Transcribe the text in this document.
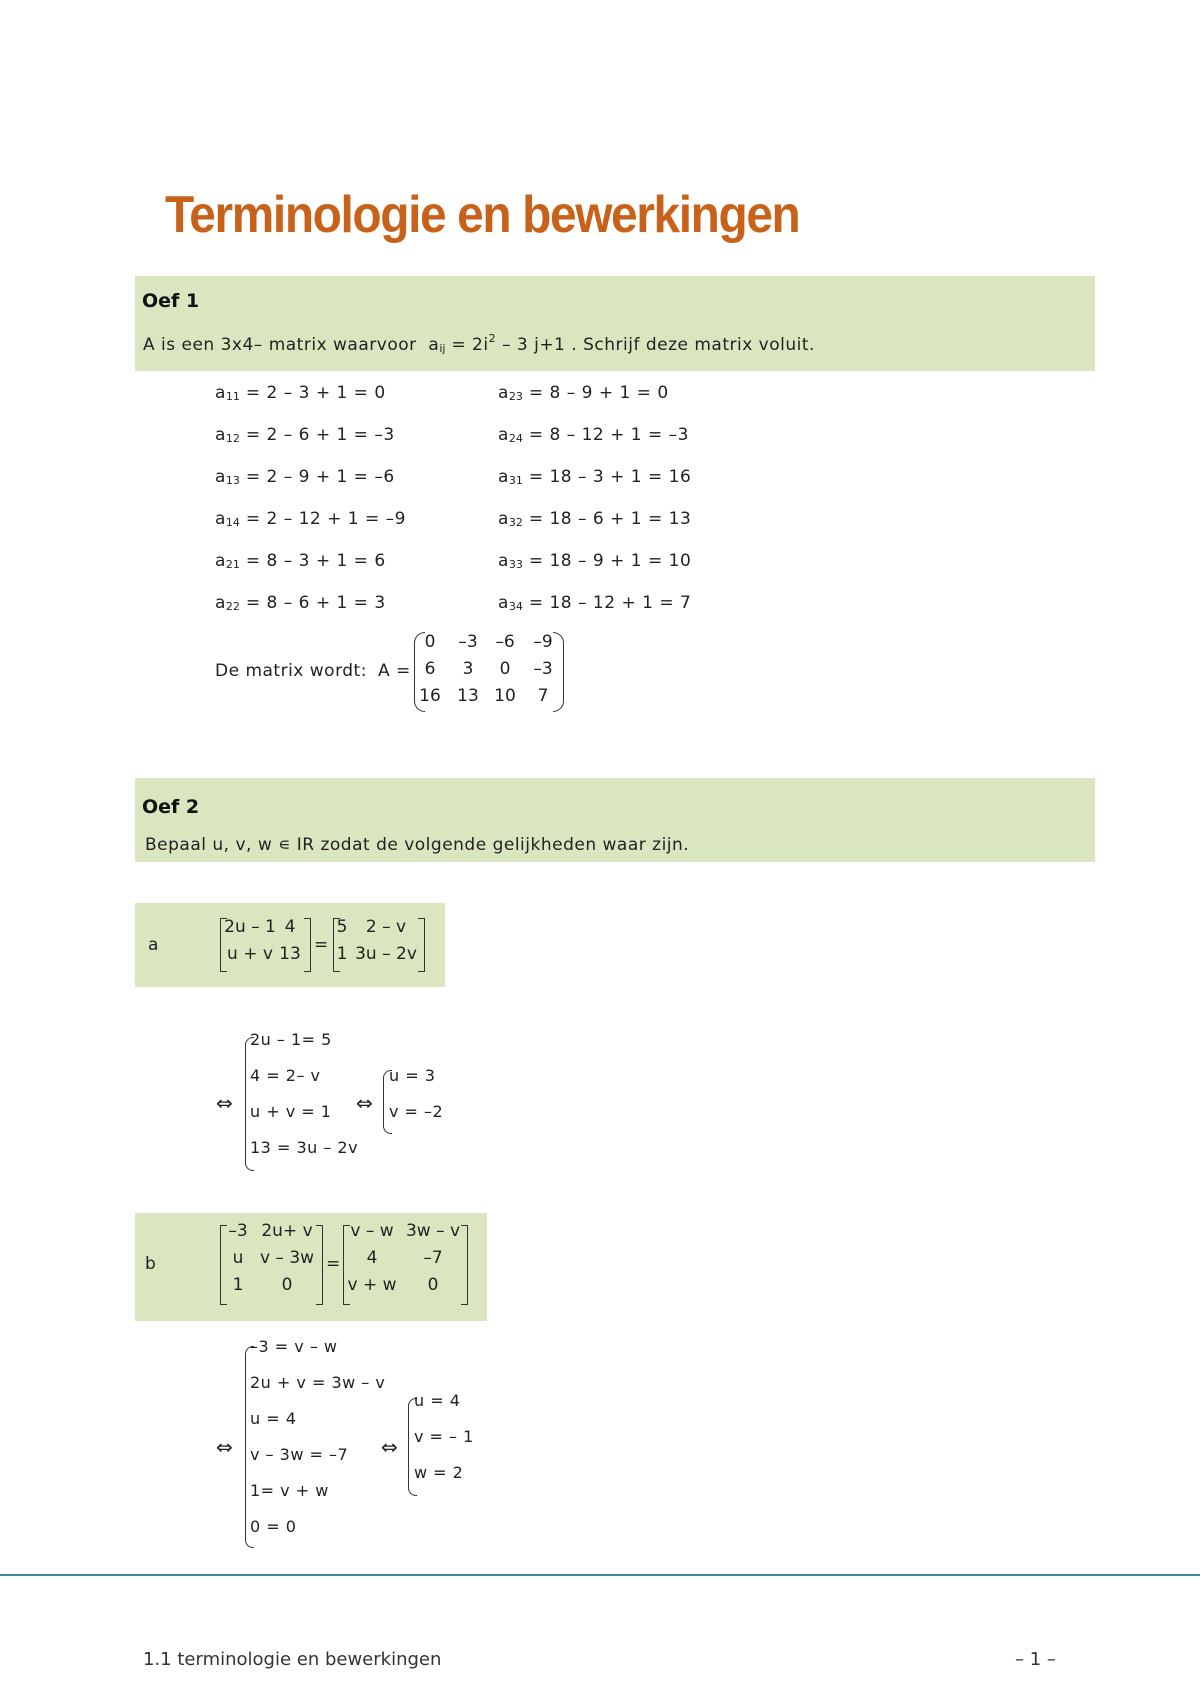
Terminologie en bewerkingen
Oef 1
A is een 3x4– matrix waarvoor aij = $2i^2 - 3$ j+1 . Schrijf deze matrix voluit.
a11 = 2 – 3 + 1 = 0
a12 = 2 – 6 + 1 = –3
a13 = 2 – 9 + 1 = –6
a14 = 2 – 12 + 1 = –9
a21 = 8 – 3 + 1 = 6
a22 = 8 – 6 + 1 = 3
a23 = 8 – 9 + 1 = 0
a24 = 8 – 12 + 1 = –3
a31 = 18 – 3 + 1 = 16
a32 = 18 – 6 + 1 = 13
a33 = 18 – 9 + 1 = 10
a34 = 18 – 12 + 1 = 7
De matrix wordt: A =
0	–3	–6	–9
6	3	0	–3
16 13 10	7
Oef 2
Bepaal u, v, w ∊ IR zodat de volgende gelijkheden waar zijn.
a	=
2u – 1 4
u + v 13
5	2 – v
1 3u – 2v
⇔
2u – 1= 5
4 = 2– v
u + v = 1
13 = 3u – 2v
⇔
u = 3
v = –2
b	=
–3 2u+ v
u v – 3w
1	0
v – w 3w – v
4	–7
v + w	0
⇔
–3 = v – w
2u + v = 3w – v
u = 4
v – 3w = –7
1= v + w
0 = 0
⇔
u = 4
v = – 1
w = 2
1.1 terminologie en bewerkingen	– 1 –
